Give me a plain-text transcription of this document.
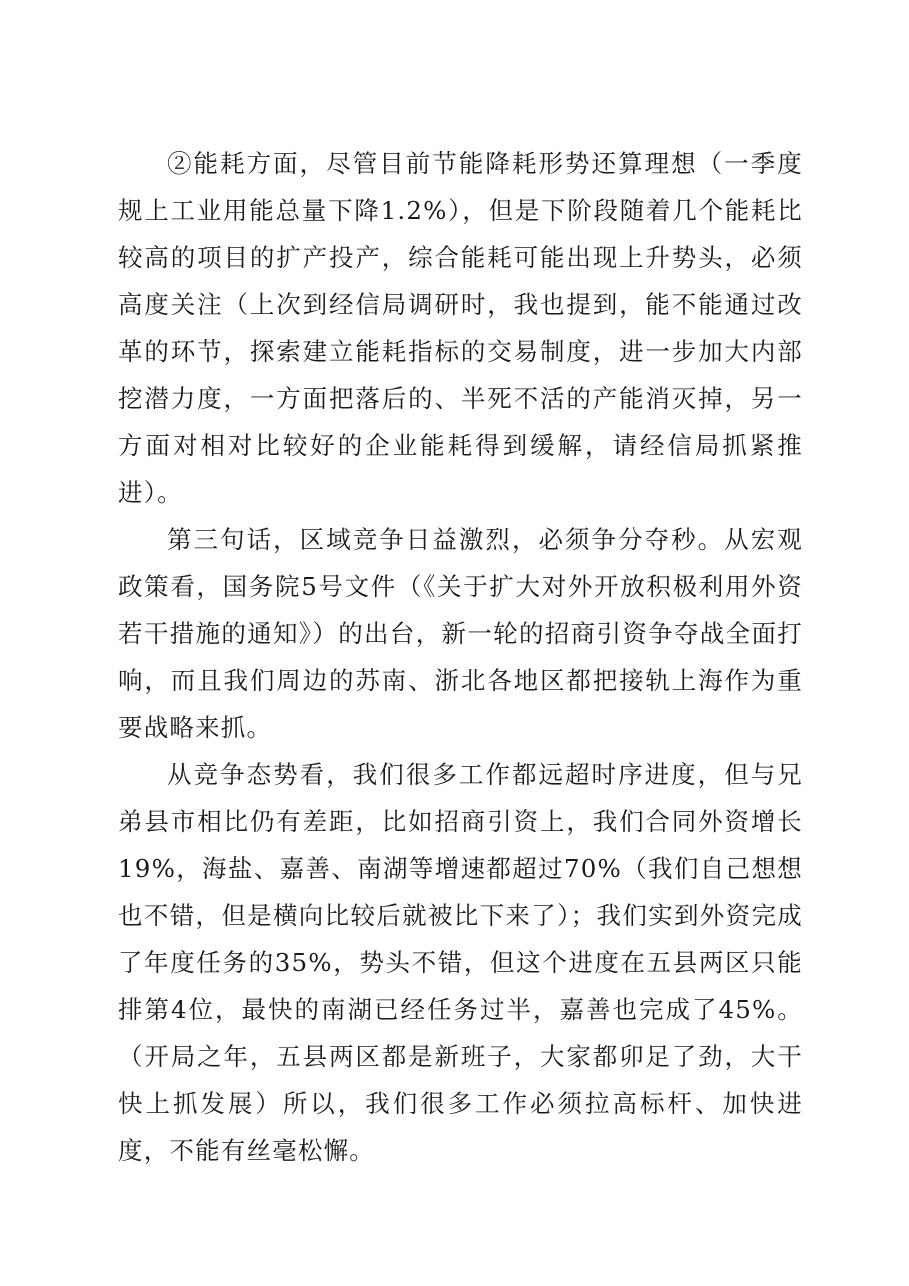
②能耗方面，尽管目前节能降耗形势还算理想（一季度规上工业用能总量下降1.2%），但是下阶段随着几个能耗比较高的项目的扩产投产，综合能耗可能出现上升势头，必须高度关注（上次到经信局调研时，我也提到，能不能通过改革的环节，探索建立能耗指标的交易制度，进一步加大内部挖潜力度，一方面把落后的、半死不活的产能消灭掉，另一方面对相对比较好的企业能耗得到缓解，请经信局抓紧推进）。

第三句话，区域竞争日益激烈，必须争分夺秒。从宏观政策看，国务院5号文件（《关于扩大对外开放积极利用外资若干措施的通知》）的出台，新一轮的招商引资争夺战全面打响，而且我们周边的苏南、浙北各地区都把接轨上海作为重要战略来抓。

从竞争态势看，我们很多工作都远超时序进度，但与兄弟县市相比仍有差距，比如招商引资上，我们合同外资增长19%，海盐、嘉善、南湖等增速都超过70%（我们自己想想也不错，但是横向比较后就被比下来了）；我们实到外资完成了年度任务的35%，势头不错，但这个进度在五县两区只能排第4位，最快的南湖已经任务过半，嘉善也完成了45%。（开局之年，五县两区都是新班子，大家都卯足了劲，大干快上抓发展）所以，我们很多工作必须拉高标杆、加快进度，不能有丝毫松懈。
